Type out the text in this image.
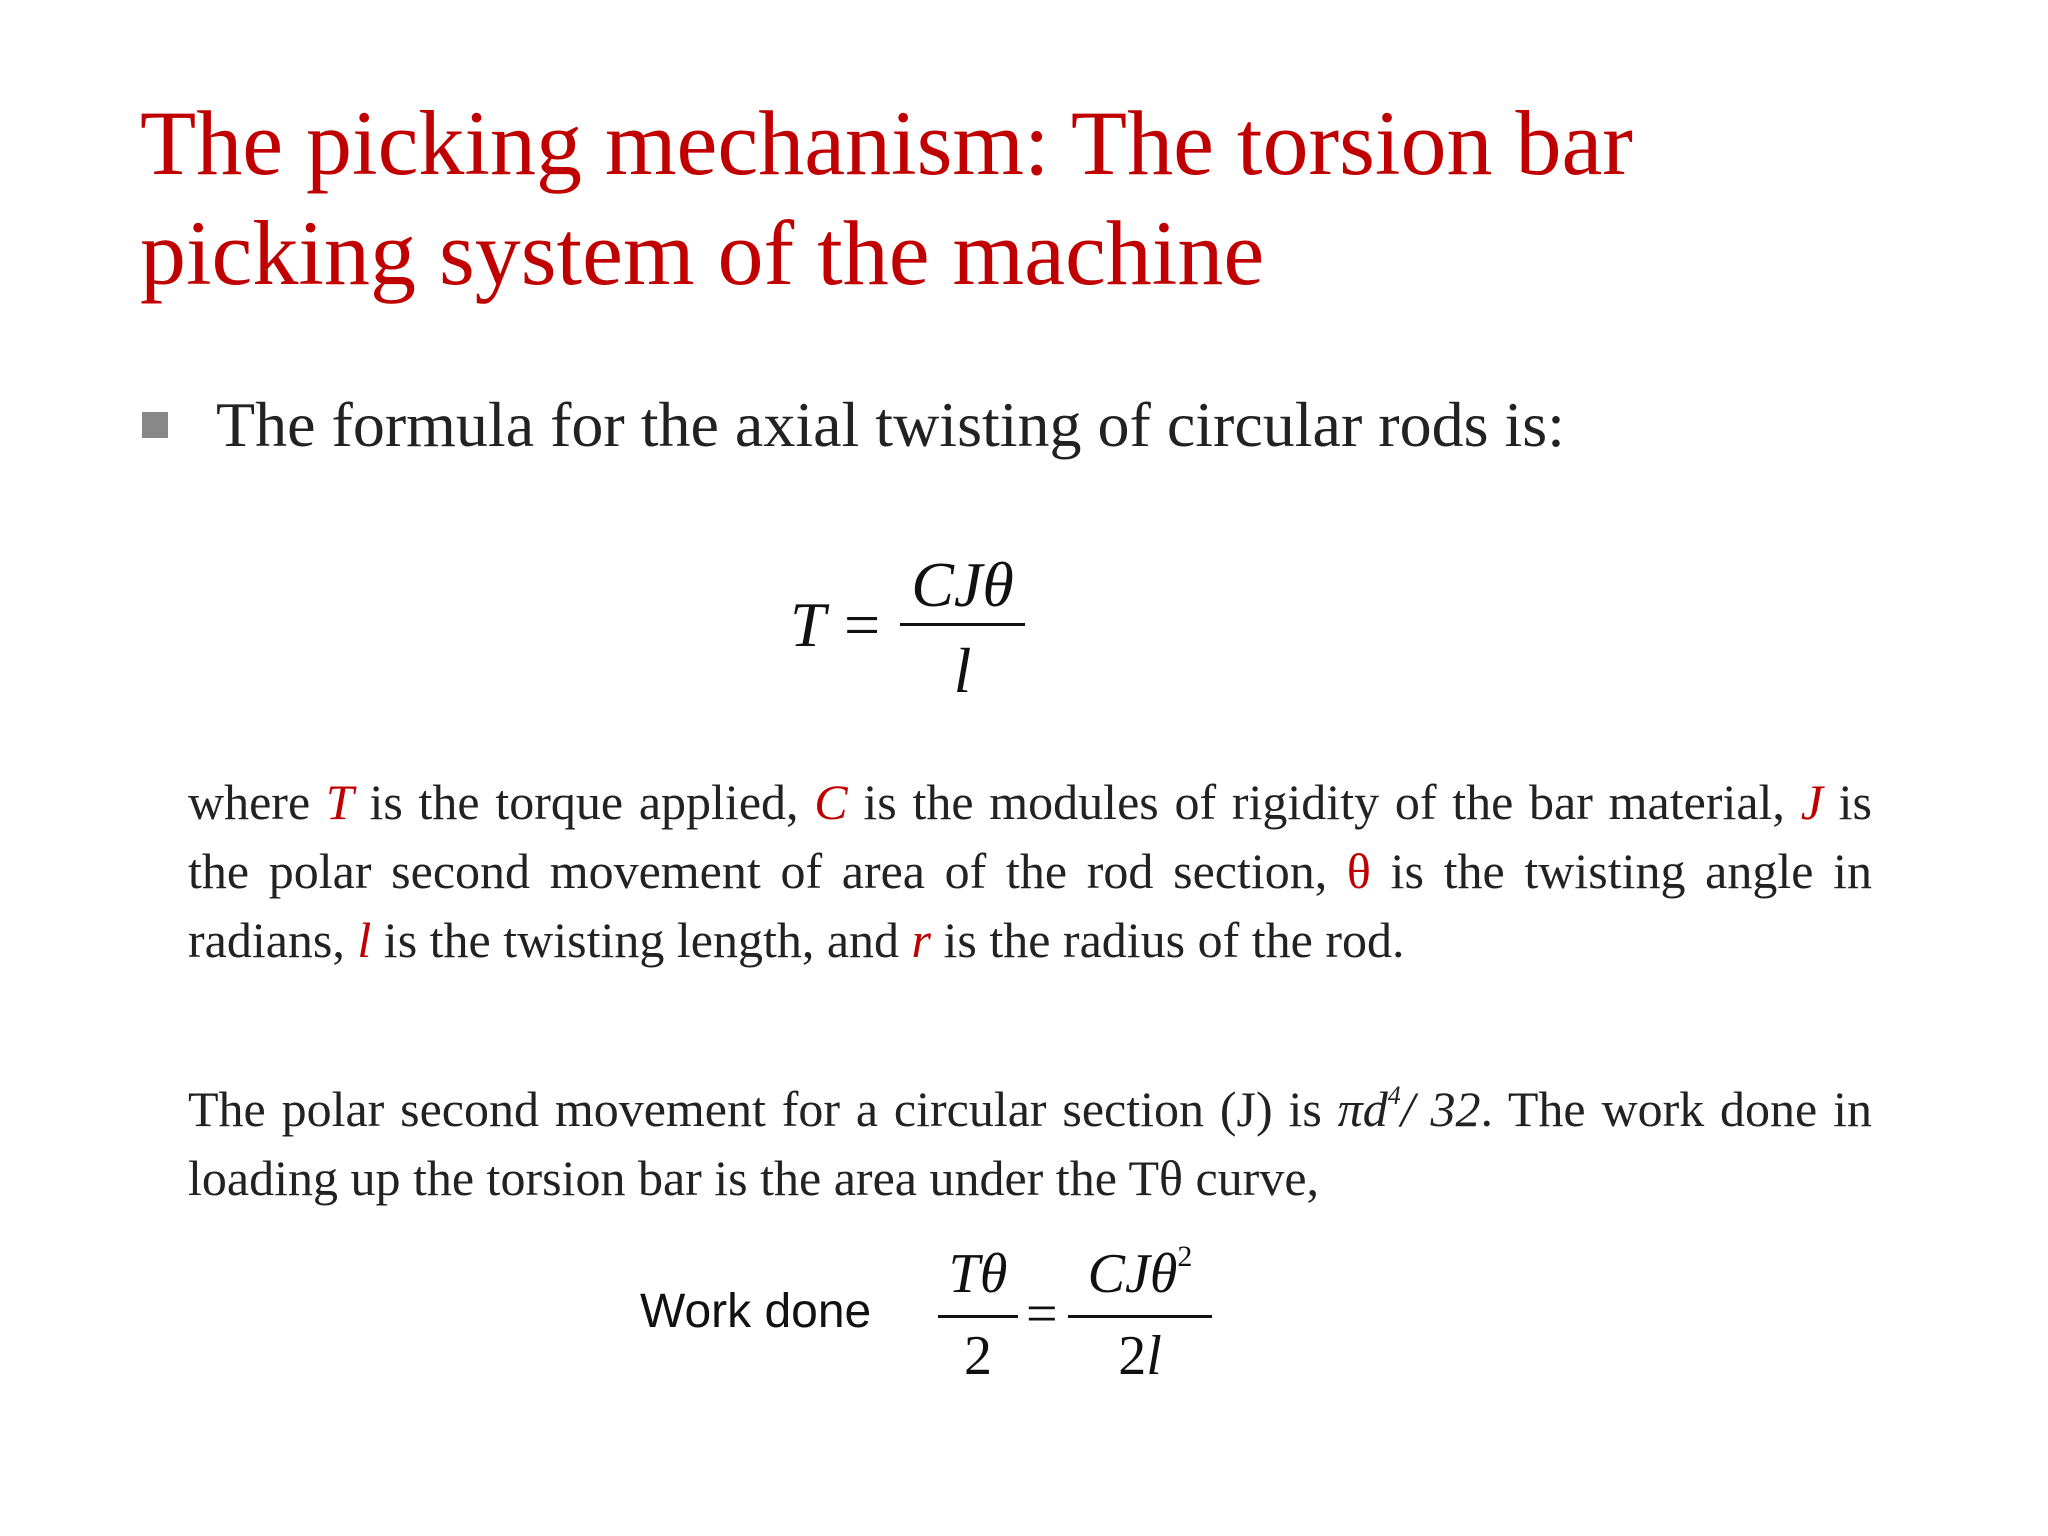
The picking mechanism: The torsion bar picking system of the machine
The formula for the axial twisting of circular rods is:
T =
CJθ
l

where T is the torque applied, C is the modules of rigidity of the bar material, J is the polar second movement of area of the rod section, θ is the twisting angle in radians, l is the twisting length, and r is the radius of the rod.

The polar second movement for a circular section (J) is $\pi d^4/$ 32. The work done in loading up the torsion bar is the area under the Tθ curve,

Work done
Tθ
2
=
CJθ$^2$
2l
